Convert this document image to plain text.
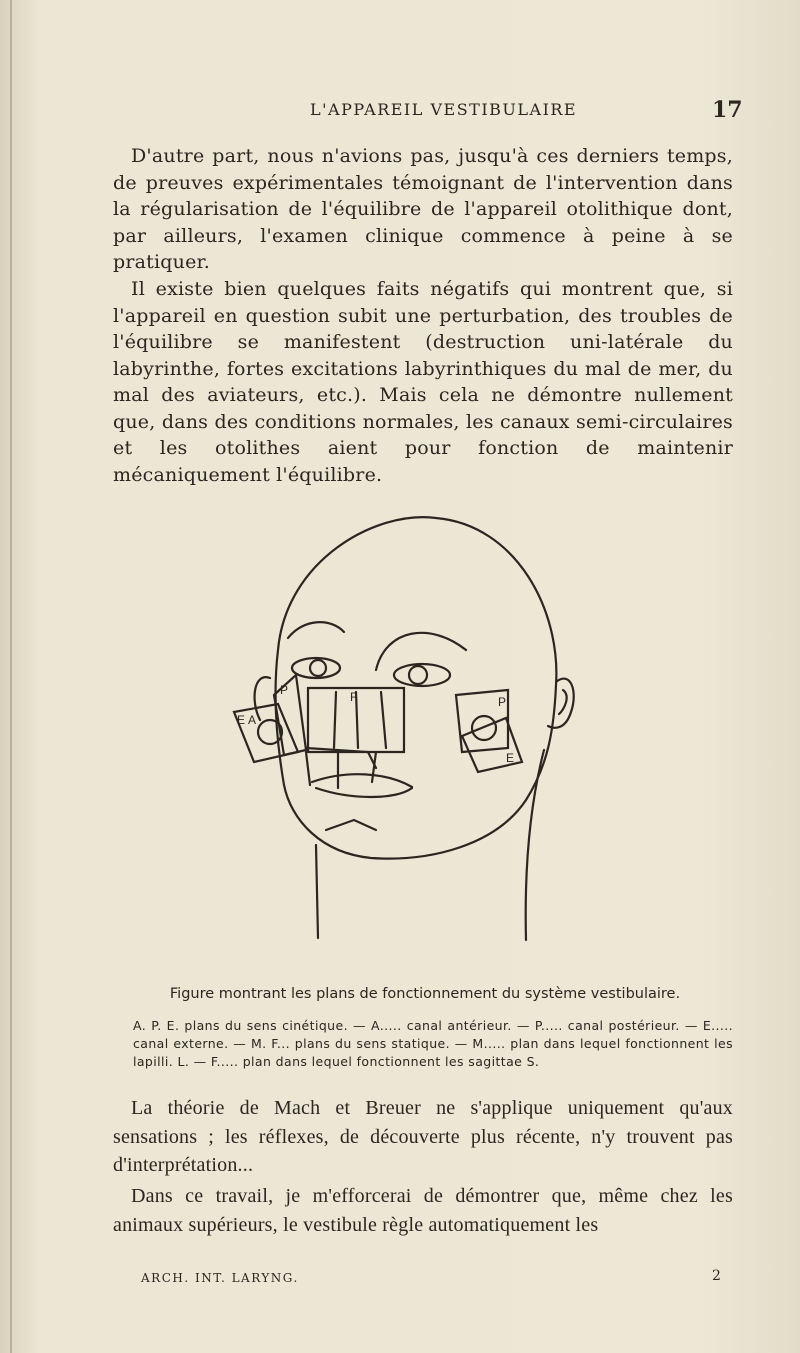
L'APPAREIL VESTIBULAIRE	17

D'autre part, nous n'avions pas, jusqu'à ces derniers temps, de preuves expérimentales témoignant de l'intervention dans la régularisation de l'équilibre de l'appareil otolithique dont, par ailleurs, l'examen clinique commence à peine à se pratiquer.

Il existe bien quelques faits négatifs qui montrent que, si l'appareil en question subit une perturbation, des troubles de l'équilibre se manifestent (destruction uni-latérale du labyrinthe, fortes excitations labyrinthiques du mal de mer, du mal des aviateurs, etc.). Mais cela ne démontre nullement que, dans des conditions normales, les canaux semi-circulaires et les otolithes aient pour fonction de maintenir mécaniquement l'équilibre.

A
E
P	F	P
E
Figure montrant les plans de fonctionnement du système vestibulaire.
A. P. E. plans du sens cinétique. — A..... canal antérieur. — P..... canal postérieur. — E..... canal externe. — M. F... plans du sens statique. — M..... plan dans lequel fonctionnent les lapilli. L. — F..... plan dans lequel fonctionnent les sagittae S.

La théorie de Mach et Breuer ne s'applique uniquement qu'aux sensations ; les réflexes, de découverte plus récente, n'y trouvent pas d'interprétation...

Dans ce travail, je m'efforcerai de démontrer que, même chez les animaux supérieurs, le vestibule règle automatiquement les

ARCH. INT. LARYNG.	2
